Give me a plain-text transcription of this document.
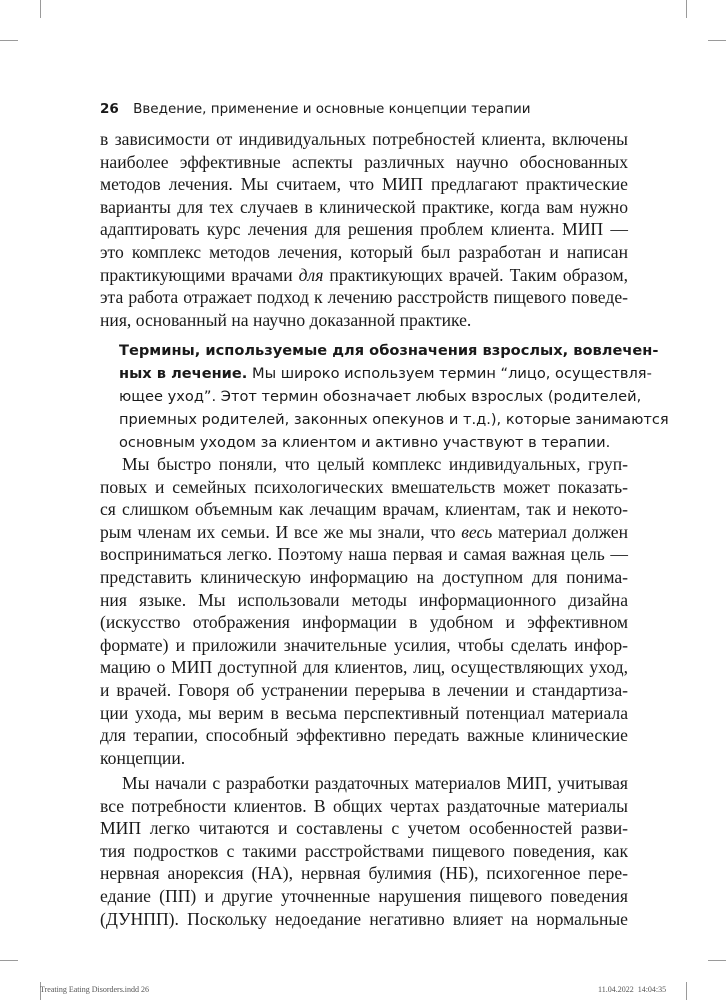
26 Введение, применение и основные концепции терапии
в зависимости от индивидуальных потребностей клиента, включены
наиболее эффективные аспекты различных научно обоснованных
методов лечения. Мы считаем, что МИП предлагают практические
варианты для тех случаев в клинической практике, когда вам нужно
адаптировать курс лечения для решения проблем клиента. МИП —
это комплекс методов лечения, который был разработан и написан
практикующими врачами для практикующих врачей. Таким образом,
эта работа отражает подход к лечению расстройств пищевого поведе-
ния, основанный на научно доказанной практике.
Термины, используемые для обозначения взрослых, вовлечен-
ных в лечение. Мы широко используем термин “лицо, осуществля-
ющее уход”. Этот термин обозначает любых взрослых (родителей,
приемных родителей, законных опекунов и т.д.), которые занимаются
основным уходом за клиентом и активно участвуют в терапии.
Мы быстро поняли, что целый комплекс индивидуальных, груп-
повых и семейных психологических вмешательств может показать-
ся слишком объемным как лечащим врачам, клиентам, так и некото-
рым членам их семьи. И все же мы знали, что весь материал должен
восприниматься легко. Поэтому наша первая и самая важная цель —
представить клиническую информацию на доступном для понима-
ния языке. Мы использовали методы информационного дизайна
(искусство отображения информации в удобном и эффективном
формате) и приложили значительные усилия, чтобы сделать инфор-
мацию о МИП доступной для клиентов, лиц, осуществляющих уход,
и врачей. Говоря об устранении перерыва в лечении и стандартиза-
ции ухода, мы верим в весьма перспективный потенциал материала
для терапии, способный эффективно передать важные клинические
концепции.
Мы начали с разработки раздаточных материалов МИП, учитывая
все потребности клиентов. В общих чертах раздаточные материалы
МИП легко читаются и составлены с учетом особенностей разви-
тия подростков с такими расстройствами пищевого поведения, как
нервная анорексия (НА), нервная булимия (НБ), психогенное пере-
едание (ПП) и другие уточненные нарушения пищевого поведения
(ДУНПП). Поскольку недоедание негативно влияет на нормальные
Treating Eating Disorders.indd 26	11.04.2022 14:04:35
